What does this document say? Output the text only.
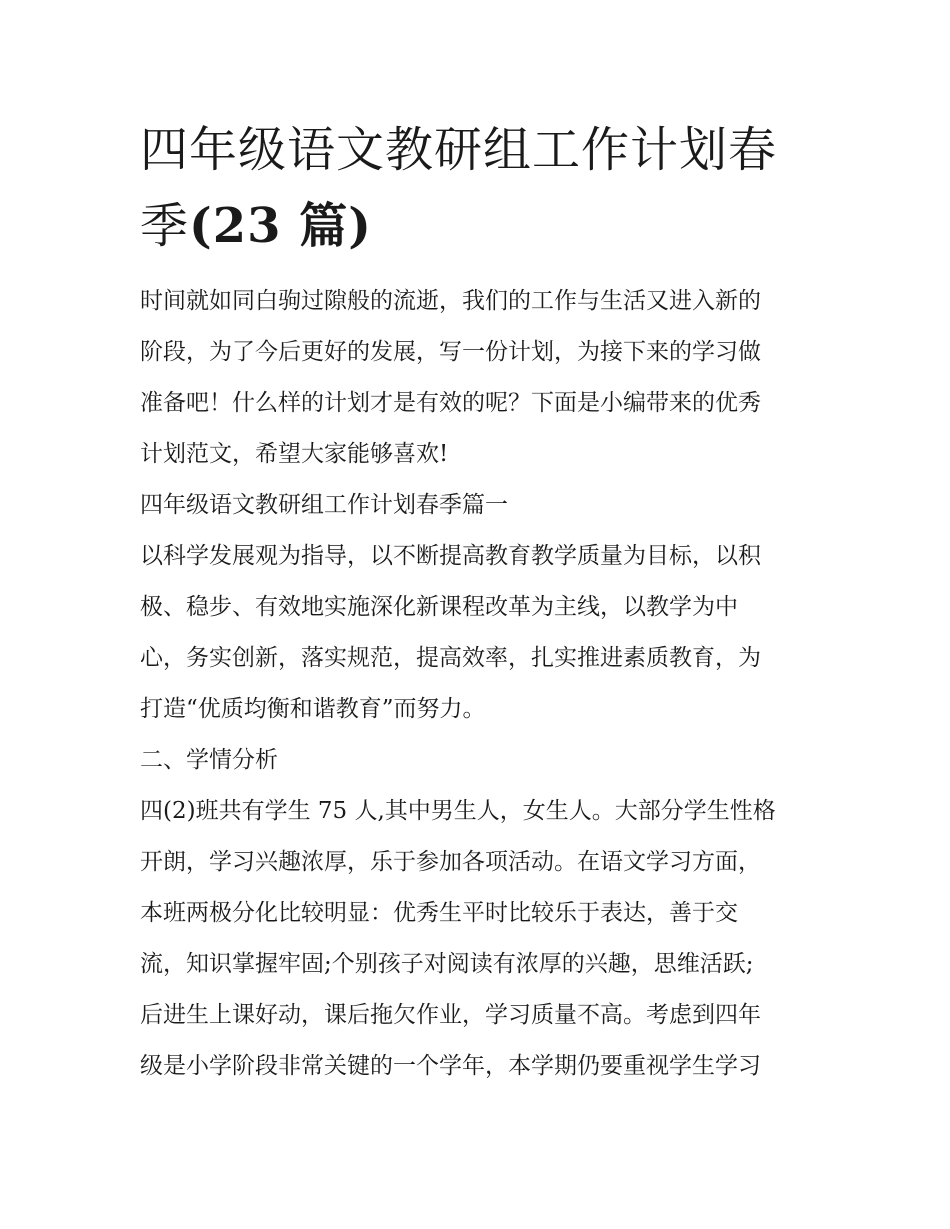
四年级语文教研组工作计划春
季(23 篇)
时间就如同白驹过隙般的流逝，我们的工作与生活又进入新的
阶段，为了今后更好的发展，写一份计划，为接下来的学习做
准备吧！什么样的计划才是有效的呢？下面是小编带来的优秀
计划范文，希望大家能够喜欢!
四年级语文教研组工作计划春季篇一
以科学发展观为指导，以不断提高教育教学质量为目标，以积
极、稳步、有效地实施深化新课程改革为主线，以教学为中
心，务实创新，落实规范，提高效率，扎实推进素质教育，为
打造“优质均衡和谐教育”而努力。
二、学情分析
四(2)班共有学生 75 人,其中男生人，女生人。大部分学生性格
开朗，学习兴趣浓厚，乐于参加各项活动。在语文学习方面，
本班两极分化比较明显：优秀生平时比较乐于表达，善于交
流，知识掌握牢固;个别孩子对阅读有浓厚的兴趣，思维活跃;
后进生上课好动，课后拖欠作业，学习质量不高。考虑到四年
级是小学阶段非常关键的一个学年，本学期仍要重视学生学习
